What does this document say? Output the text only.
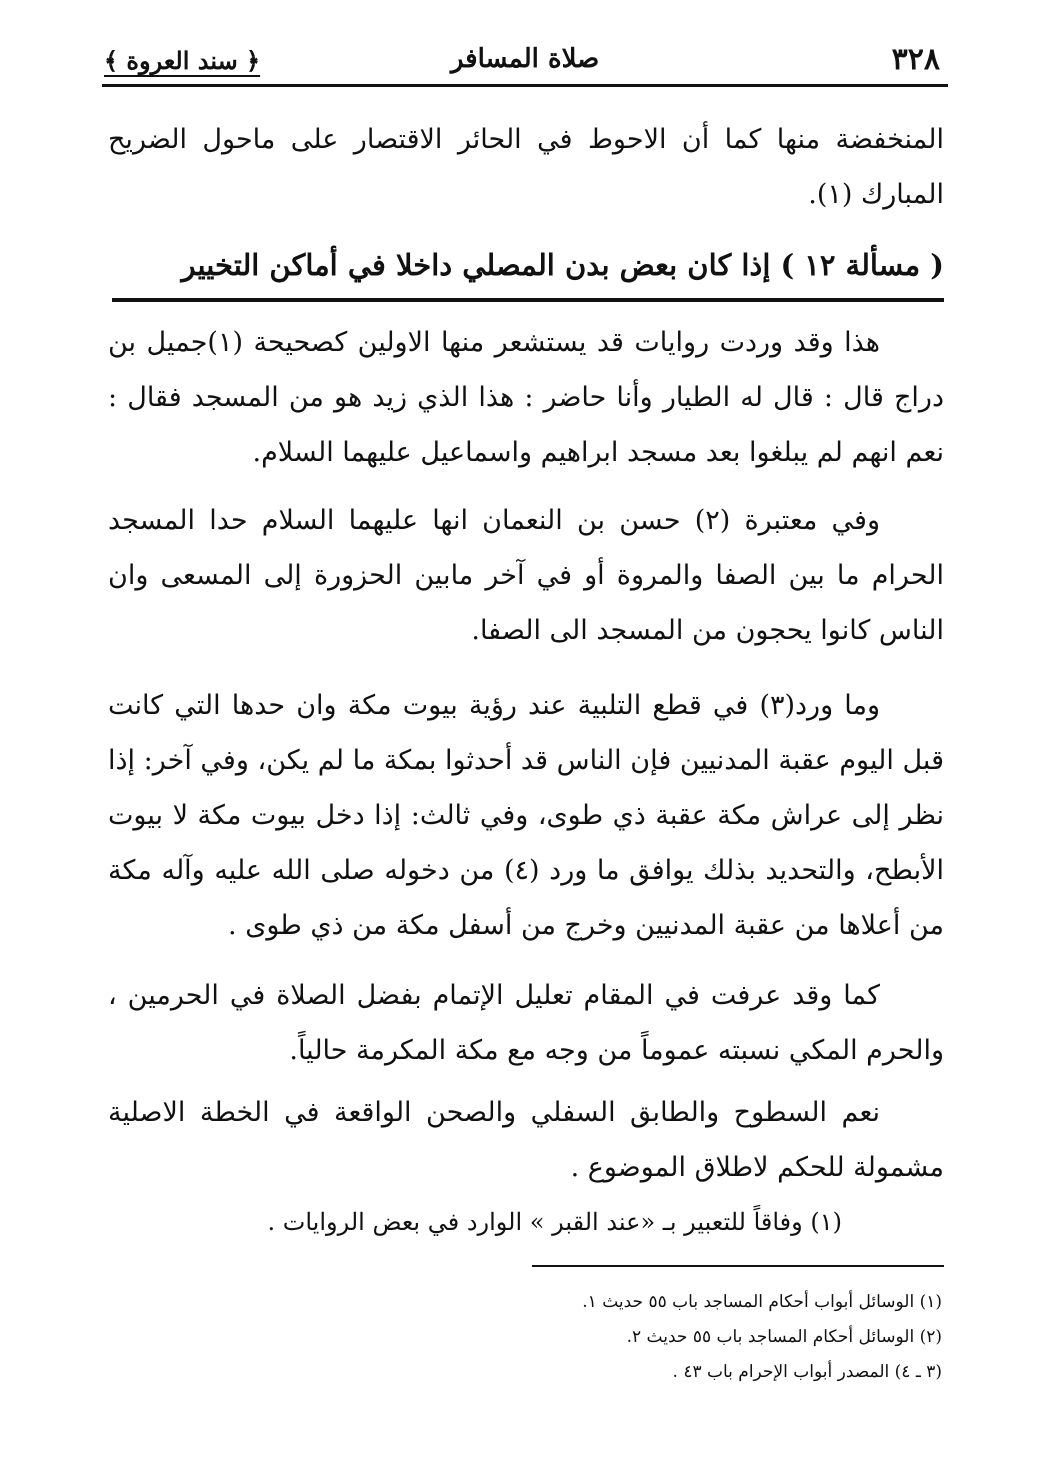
٣٢٨
صلاة المسافر
﴿ سند العروة ﴾
المنخفضة منها كما أن الاحوط في الحائر الاقتصار على ماحول الضريح المبارك (١).
( مسألة ١٢ ) إذا كان بعض بدن المصلي داخلا في أماكن التخيير
هذا وقد وردت روايات قد يستشعر منها الاولين كصحيحة (١)جميل بن دراج قال : قال له الطيار وأنا حاضر : هذا الذي زيد هو من المسجد فقال : نعم انهم لم يبلغوا بعد مسجد ابراهيم واسماعيل عليهما السلام.
وفي معتبرة (٢) حسن بن النعمان انها عليهما السلام حدا المسجد الحرام ما بين الصفا والمروة أو في آخر مابين الحزورة إلى المسعى وان الناس كانوا يحجون من المسجد الى الصفا.
وما ورد(٣) في قطع التلبية عند رؤية بيوت مكة وان حدها التي كانت قبل اليوم عقبة المدنيين فإن الناس قد أحدثوا بمكة ما لم يكن، وفي آخر: إذا نظر إلى عراش مكة عقبة ذي طوى، وفي ثالث: إذا دخل بيوت مكة لا بيوت الأبطح، والتحديد بذلك يوافق ما ورد (٤) من دخوله صلى الله عليه وآله مكة من أعلاها من عقبة المدنيين وخرج من أسفل مكة من ذي طوى .
كما وقد عرفت في المقام تعليل الإتمام بفضل الصلاة في الحرمين ، والحرم المكي نسبته عموماً من وجه مع مكة المكرمة حالياً.
نعم السطوح والطابق السفلي والصحن الواقعة في الخطة الاصلية مشمولة للحكم لاطلاق الموضوع .
(١) وفاقاً للتعبير بـ «عند القبر » الوارد في بعض الروايات .
(١) الوسائل أبواب أحكام المساجد باب ٥٥ حديث ١.
(٢) الوسائل أحكام المساجد باب ٥٥ حديث ٢.
(٣ ـ ٤) المصدر أبواب الإحرام باب ٤٣ .
